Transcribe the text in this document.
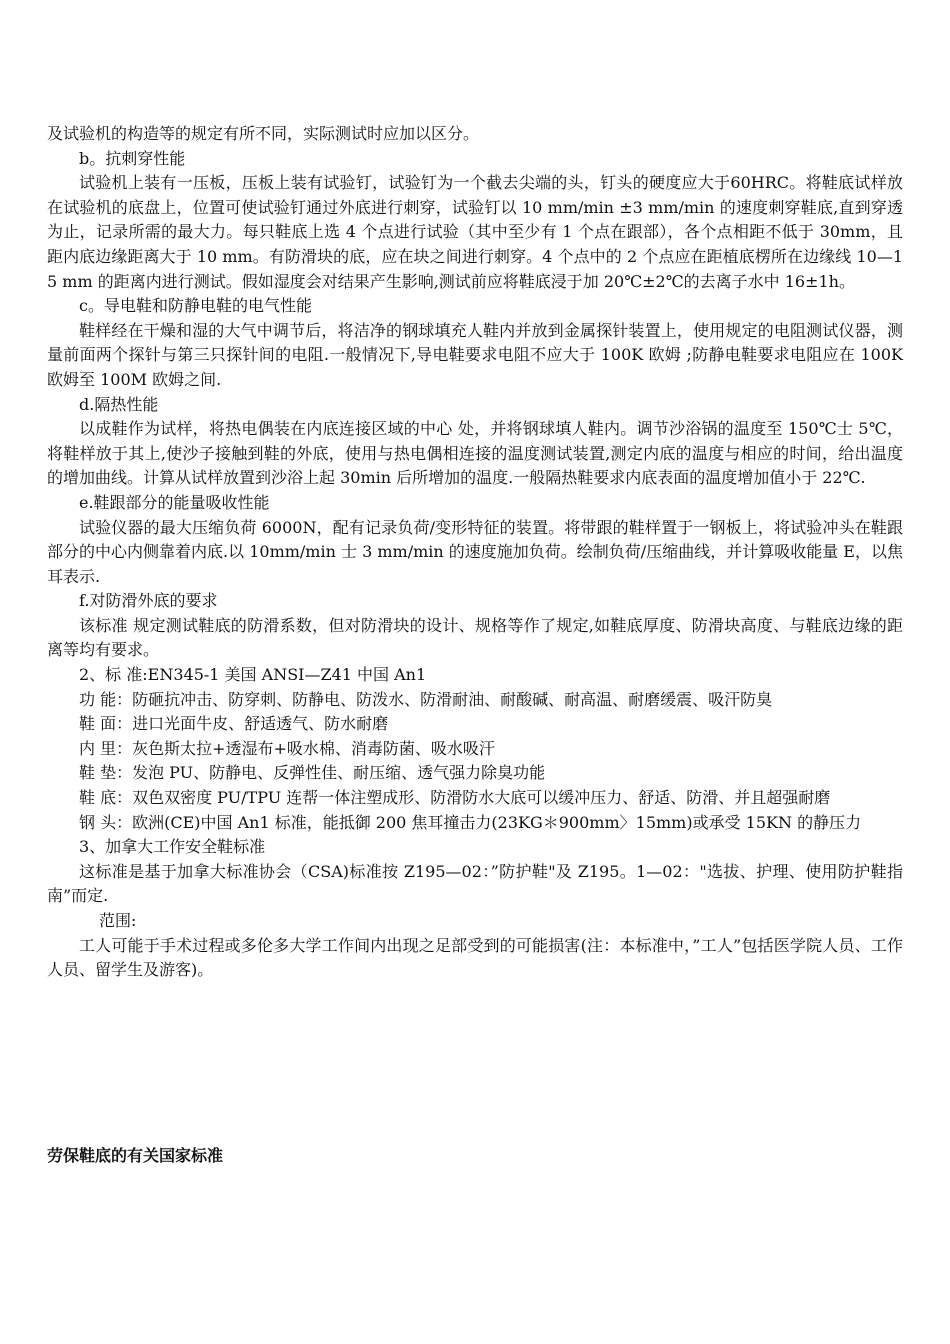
及试验机的构造等的规定有所不同，实际测试时应加以区分。

b。抗刺穿性能

试验机上装有一压板，压板上装有试验钉，试验钉为一个截去尖端的头，钉头的硬度应大于60HRC。将鞋底试样放在试验机的底盘上，位置可使试验钉通过外底进行刺穿，试验钉以 10 mm/min ±3 mm/min 的速度刺穿鞋底,直到穿透为止，记录所需的最大力。每只鞋底上选 4 个点进行试验（其中至少有 1 个点在跟部），各个点相距不低于 30mm，且距内底边缘距离大于 10 mm。有防滑块的底，应在块之间进行刺穿。4 个点中的 2 个点应在距植底楞所在边缘线 10—15 mm 的距离内进行测试。假如湿度会对结果产生影响,测试前应将鞋底浸于加 20℃±2℃的去离子水中 16±1h。

c。导电鞋和防静电鞋的电气性能

鞋样经在干燥和湿的大气中调节后，将洁净的钢球填充人鞋内并放到金属探针装置上，使用规定的电阻测试仪器，测量前面两个探针与第三只探针间的电阻.一般情况下,导电鞋要求电阻不应大于 100K 欧姆 ;防静电鞋要求电阻应在 100K 欧姆至 100M 欧姆之间.

d.隔热性能

以成鞋作为试样，将热电偶装在内底连接区域的中心 处，并将钢球填人鞋内。调节沙浴锅的温度至 150℃士 5℃，将鞋样放于其上,使沙子接触到鞋的外底，使用与热电偶相连接的温度测试装置,测定内底的温度与相应的时间，给出温度的增加曲线。计算从试样放置到沙浴上起 30min 后所增加的温度.一般隔热鞋要求内底表面的温度增加值小于 22℃.

e.鞋跟部分的能量吸收性能

试验仪器的最大压缩负荷 6000N，配有记录负荷/变形特征的装置。将带跟的鞋样置于一钢板上，将试验冲头在鞋跟部分的中心内侧靠着内底.以 10mm/min 士 3 mm/min 的速度施加负荷。绘制负荷/压缩曲线，并计算吸收能量 E，以焦耳表示.

f.对防滑外底的要求

该标准 规定测试鞋底的防滑系数，但对防滑块的设计、规格等作了规定,如鞋底厚度、防滑块高度、与鞋底边缘的距离等均有要求。

2、标 准:EN345-1 美国 ANSI—Z41 中国 An1

功 能：防砸抗冲击、防穿刺、防静电、防泼水、防滑耐油、耐酸碱、耐高温、耐磨缓震、吸汗防臭

鞋 面：进口光面牛皮、舒适透气、防水耐磨

内 里：灰色斯太拉+透湿布+吸水棉、消毒防菌、吸水吸汗

鞋 垫：发泡 PU、防静电、反弹性佳、耐压缩、透气强力除臭功能

鞋 底：双色双密度 PU/TPU 连帮一体注塑成形、防滑防水大底可以缓冲压力、舒适、防滑、并且超强耐磨

钢 头：欧洲(CE)中国 An1 标准，能抵御 200 焦耳撞击力(23KG＊900mm〉15mm)或承受 15KN 的静压力

3、加拿大工作安全鞋标准

这标准是基于加拿大标准协会（CSA)标准按 Z195—02：”防护鞋"及 Z195。1—02："选拔、护理、使用防护鞋指南”而定.

范围:

工人可能于手术过程或多伦多大学工作间内出现之足部受到的可能损害(注：本标准中，”工人”包括医学院人员、工作人员、留学生及游客)。

劳保鞋底的有关国家标准
